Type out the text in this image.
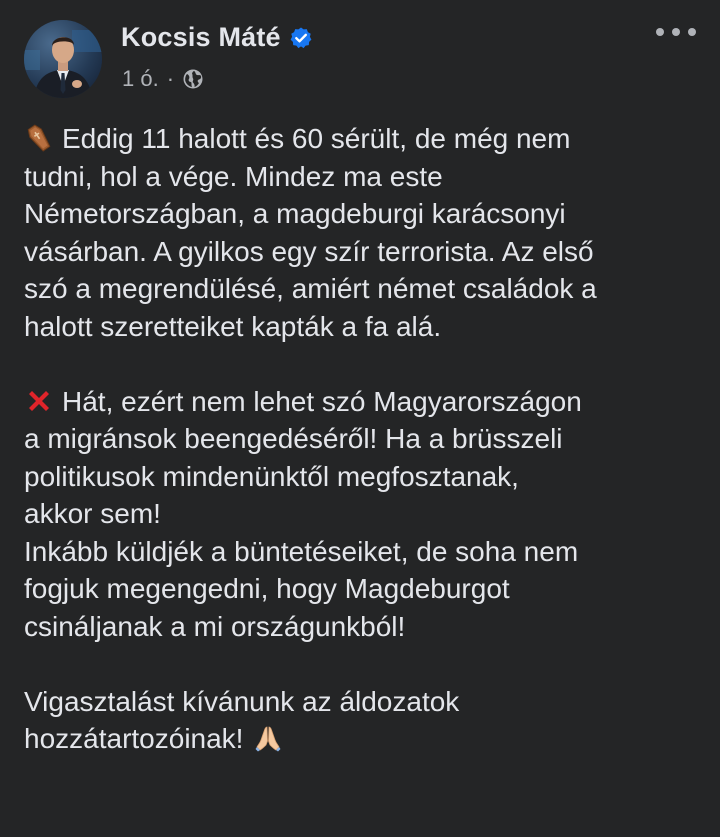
Kocsis Máté
1 ó. ·

Eddig 11 halott és 60 sérült, de még nem
tudni, hol a vége. Mindez ma este
Németországban, a magdeburgi karácsonyi
vásárban. A gyilkos egy szír terrorista. Az első
szó a megrendülésé, amiért német családok a
halott szeretteiket kapták a fa alá.

Hát, ezért nem lehet szó Magyarországon
a migránsok beengedéséről! Ha a brüsszeli
politikusok mindenünktől megfosztanak,
akkor sem!
Inkább küldjék a büntetéseiket, de soha nem
fogjuk megengedni, hogy Magdeburgot
csináljanak a mi országunkból!

Vigasztalást kívánunk az áldozatok
hozzátartozóinak!
